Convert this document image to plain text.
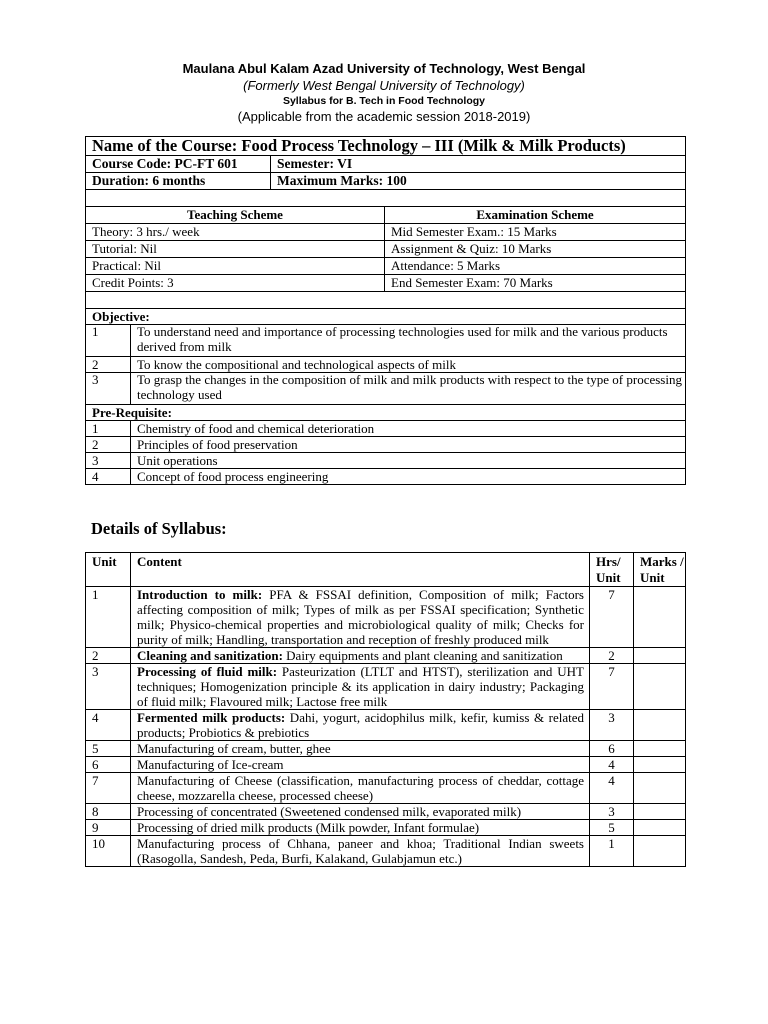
Maulana Abul Kalam Azad University of Technology, West Bengal
(Formerly West Bengal University of Technology)
Syllabus for B. Tech in Food Technology
(Applicable from the academic session 2018-2019)
Name of the Course: Food Process Technology – III (Milk & Milk Products)			
Course Code: PC-FT 601		Semester: VI	
Duration: 6 months		Maximum Marks: 100	

Teaching Scheme			Examination Scheme
Theory: 3 hrs./ week			Mid Semester Exam.: 15 Marks
Tutorial: Nil			Assignment & Quiz: 10 Marks
Practical: Nil			Attendance: 5 Marks
Credit Points: 3			End Semester Exam: 70 Marks

Objective:			
1	To understand need and importance of processing technologies used for milk and the various products derived from milk		
2	To know the compositional and technological aspects of milk		
3	To grasp the changes in the composition of milk and milk products with respect to the type of processing technology used		
Pre-Requisite:			
1	Chemistry of food and chemical deterioration		
2	Principles of food preservation		
3	Unit operations		
4	Concept of food process engineering		
Details of Syllabus:
Unit	Content	Hrs/ Unit	Marks / Unit
1	Introduction to milk: PFA & FSSAI definition, Composition of milk; Factors affecting composition of milk; Types of milk as per FSSAI specification; Synthetic milk; Physico-chemical properties and microbiological quality of milk; Checks for purity of milk; Handling, transportation and reception of freshly produced milk	7	
2	Cleaning and sanitization: Dairy equipments and plant cleaning and sanitization	2	
3	Processing of fluid milk: Pasteurization (LTLT and HTST), sterilization and UHT techniques; Homogenization principle & its application in dairy industry; Packaging of fluid milk; Flavoured milk; Lactose free milk	7	
4	Fermented milk products: Dahi, yogurt, acidophilus milk, kefir, kumiss & related products; Probiotics & prebiotics	3	
5	Manufacturing of cream, butter, ghee	6	
6	Manufacturing of Ice-cream	4	
7	Manufacturing of Cheese (classification, manufacturing process of cheddar, cottage cheese, mozzarella cheese, processed cheese)	4	
8	Processing of concentrated (Sweetened condensed milk, evaporated milk)	3	
9	Processing of dried milk products (Milk powder, Infant formulae)	5	
10	Manufacturing process of Chhana, paneer and khoa; Traditional Indian sweets (Rasogolla, Sandesh, Peda, Burfi, Kalakand, Gulabjamun etc.)	1	
